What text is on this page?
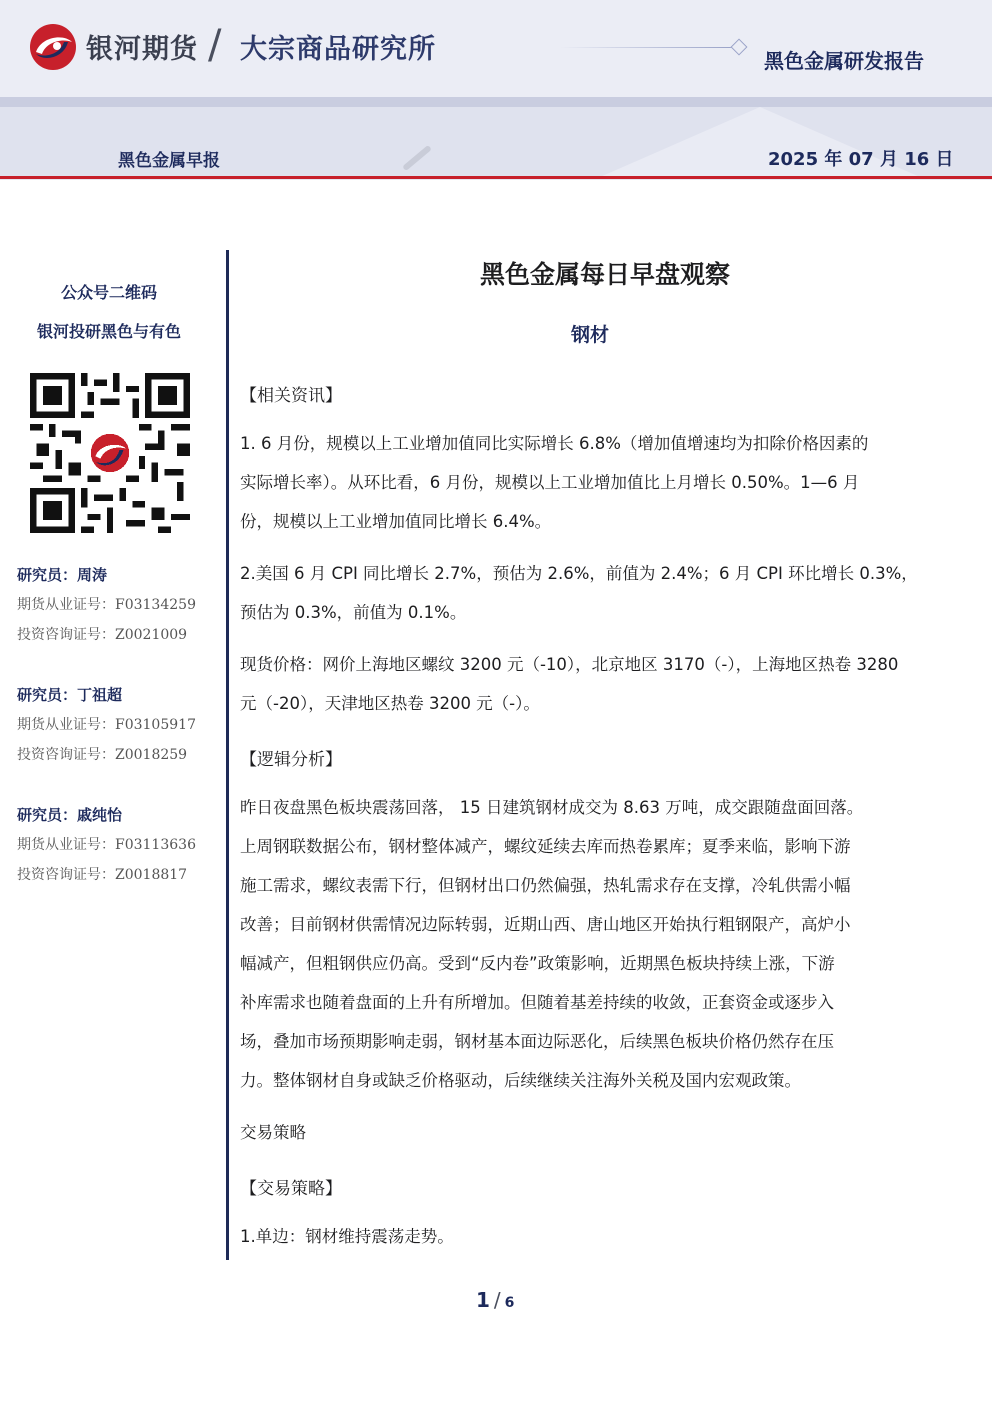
银河期货 / 大宗商品研究所	黑色金属研发报告
黑色金属早报	2025 年 07 月 16 日
公众号二维码
银河投研黑色与有色
研究员：周涛
期货从业证号：F03134259
投资咨询证号：Z0021009
研究员：丁祖超
期货从业证号：F03105917
投资咨询证号：Z0018259
研究员：戚纯怡
期货从业证号：F03113636
投资咨询证号：Z0018817
黑色金属每日早盘观察
钢材
【相关资讯】
1. 6 月份，规模以上工业增加值同比实际增长 6.8%（增加值增速均为扣除价格因素的
实际增长率）。从环比看，6 月份，规模以上工业增加值比上月增长 0.50%。1—6 月
份，规模以上工业增加值同比增长 6.4%。
2.美国 6 月 CPI 同比增长 2.7%，预估为 2.6%，前值为 2.4%；6 月 CPI 环比增长 0.3%，
预估为 0.3%，前值为 0.1%。
现货价格：网价上海地区螺纹 3200 元（-10），北京地区 3170（-），上海地区热卷 3280
元（-20），天津地区热卷 3200 元（-）。
【逻辑分析】
昨日夜盘黑色板块震荡回落， 15 日建筑钢材成交为 8.63 万吨，成交跟随盘面回落。
上周钢联数据公布，钢材整体减产，螺纹延续去库而热卷累库；夏季来临，影响下游
施工需求，螺纹表需下行，但钢材出口仍然偏强，热轧需求存在支撑，冷轧供需小幅
改善；目前钢材供需情况边际转弱，近期山西、唐山地区开始执行粗钢限产，高炉小
幅减产，但粗钢供应仍高。受到“反内卷”政策影响，近期黑色板块持续上涨，下游
补库需求也随着盘面的上升有所增加。但随着基差持续的收敛，正套资金或逐步入
场，叠加市场预期影响走弱，钢材基本面边际恶化，后续黑色板块价格仍然存在压
力。整体钢材自身或缺乏价格驱动，后续继续关注海外关税及国内宏观政策。
交易策略
【交易策略】
1.单边：钢材维持震荡走势。
1 / 6
